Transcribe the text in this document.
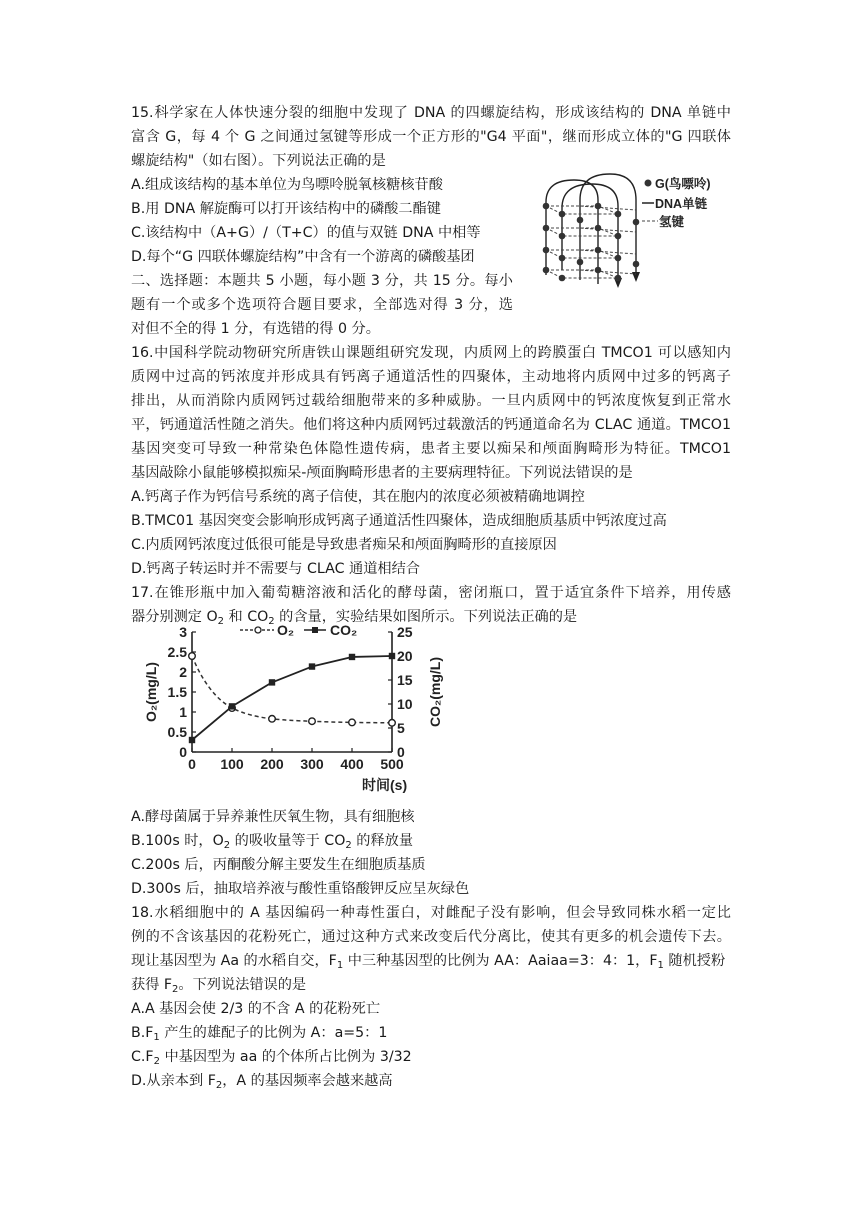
15.科学家在人体快速分裂的细胞中发现了 DNA 的四螺旋结构，形成该结构的 DNA 单链中
富含 G，每 4 个 G 之间通过氢键等形成一个正方形的"G4 平面"，继而形成立体的"G 四联体
螺旋结构"（如右图）。下列说法正确的是
A.组成该结构的基本单位为鸟嘌呤脱氧核糖核苷酸
B.用 DNA 解旋酶可以打开该结构中的磷酸二酯键
C.该结构中（A+G）/（T+C）的值与双链 DNA 中相等
D.每个“G 四联体螺旋结构”中含有一个游离的磷酸基团
G(鸟嘌呤)
DNA单链
氢键
二、选择题：本题共 5 小题，每小题 3 分，共 15 分。每小
题有一个或多个选项符合题目要求，全部选对得 3 分，选
对但不全的得 1 分，有选错的得 0 分。
16.中国科学院动物研究所唐铁山课题组研究发现，内质网上的跨膜蛋白 TMCO1 可以感知内
质网中过高的钙浓度并形成具有钙离子通道活性的四聚体，主动地将内质网中过多的钙离子
排出，从而消除内质网钙过载给细胞带来的多种威胁。一旦内质网中的钙浓度恢复到正常水
平，钙通道活性随之消失。他们将这种内质网钙过载激活的钙通道命名为 CLAC 通道。TMCO1
基因突变可导致一种常染色体隐性遗传病，患者主要以痴呆和颅面胸畸形为特征。TMCO1
基因敲除小鼠能够模拟痴呆-颅面胸畸形患者的主要病理特征。下列说法错误的是
A.钙离子作为钙信号系统的离子信使，其在胞内的浓度必须被精确地调控
B.TMC01 基因突变会影响形成钙离子通道活性四聚体，造成细胞质基质中钙浓度过高
C.内质网钙浓度过低很可能是导致患者痴呆和颅面胸畸形的直接原因
D.钙离子转运时并不需要与 CLAC 通道相结合
17.在锥形瓶中加入葡萄糖溶液和活化的酵母菌，密闭瓶口，置于适宜条件下培养，用传感
器分别测定 $O_2$ 和 $CO_2$ 的含量，实验结果如图所示。下列说法正确的是
0
0.5
1
1.5
2
2.5
3
0
5
10
15
20
25
0 100 200 300 400 500
时间(s)
O₂(mg/L)	CO₂(mg/L)
O₂	CO₂
A.酵母菌属于异养兼性厌氧生物，具有细胞核
B.100s 时，$O_2$ 的吸收量等于 $CO_2$ 的释放量
C.200s 后，丙酮酸分解主要发生在细胞质基质
D.300s 后，抽取培养液与酸性重铬酸钾反应呈灰绿色
18.水稻细胞中的 A 基因编码一种毒性蛋白，对雌配子没有影响，但会导致同株水稻一定比
例的不含该基因的花粉死亡，通过这种方式来改变后代分离比，使其有更多的机会遗传下去。
现让基因型为 Aa 的水稻自交，$F_1$ 中三种基因型的比例为 AA：Aaiaa=3：4：1，$F_1$ 随机授粉
获得 $F_2$。下列说法错误的是
A.A 基因会使 2/3 的不含 A 的花粉死亡
$B.F_1$ 产生的雄配子的比例为 A：a=5：1
$C.F_2$ 中基因型为 aa 的个体所占比例为 3/32
D.从亲本到 $F_2$，A 的基因频率会越来越高
